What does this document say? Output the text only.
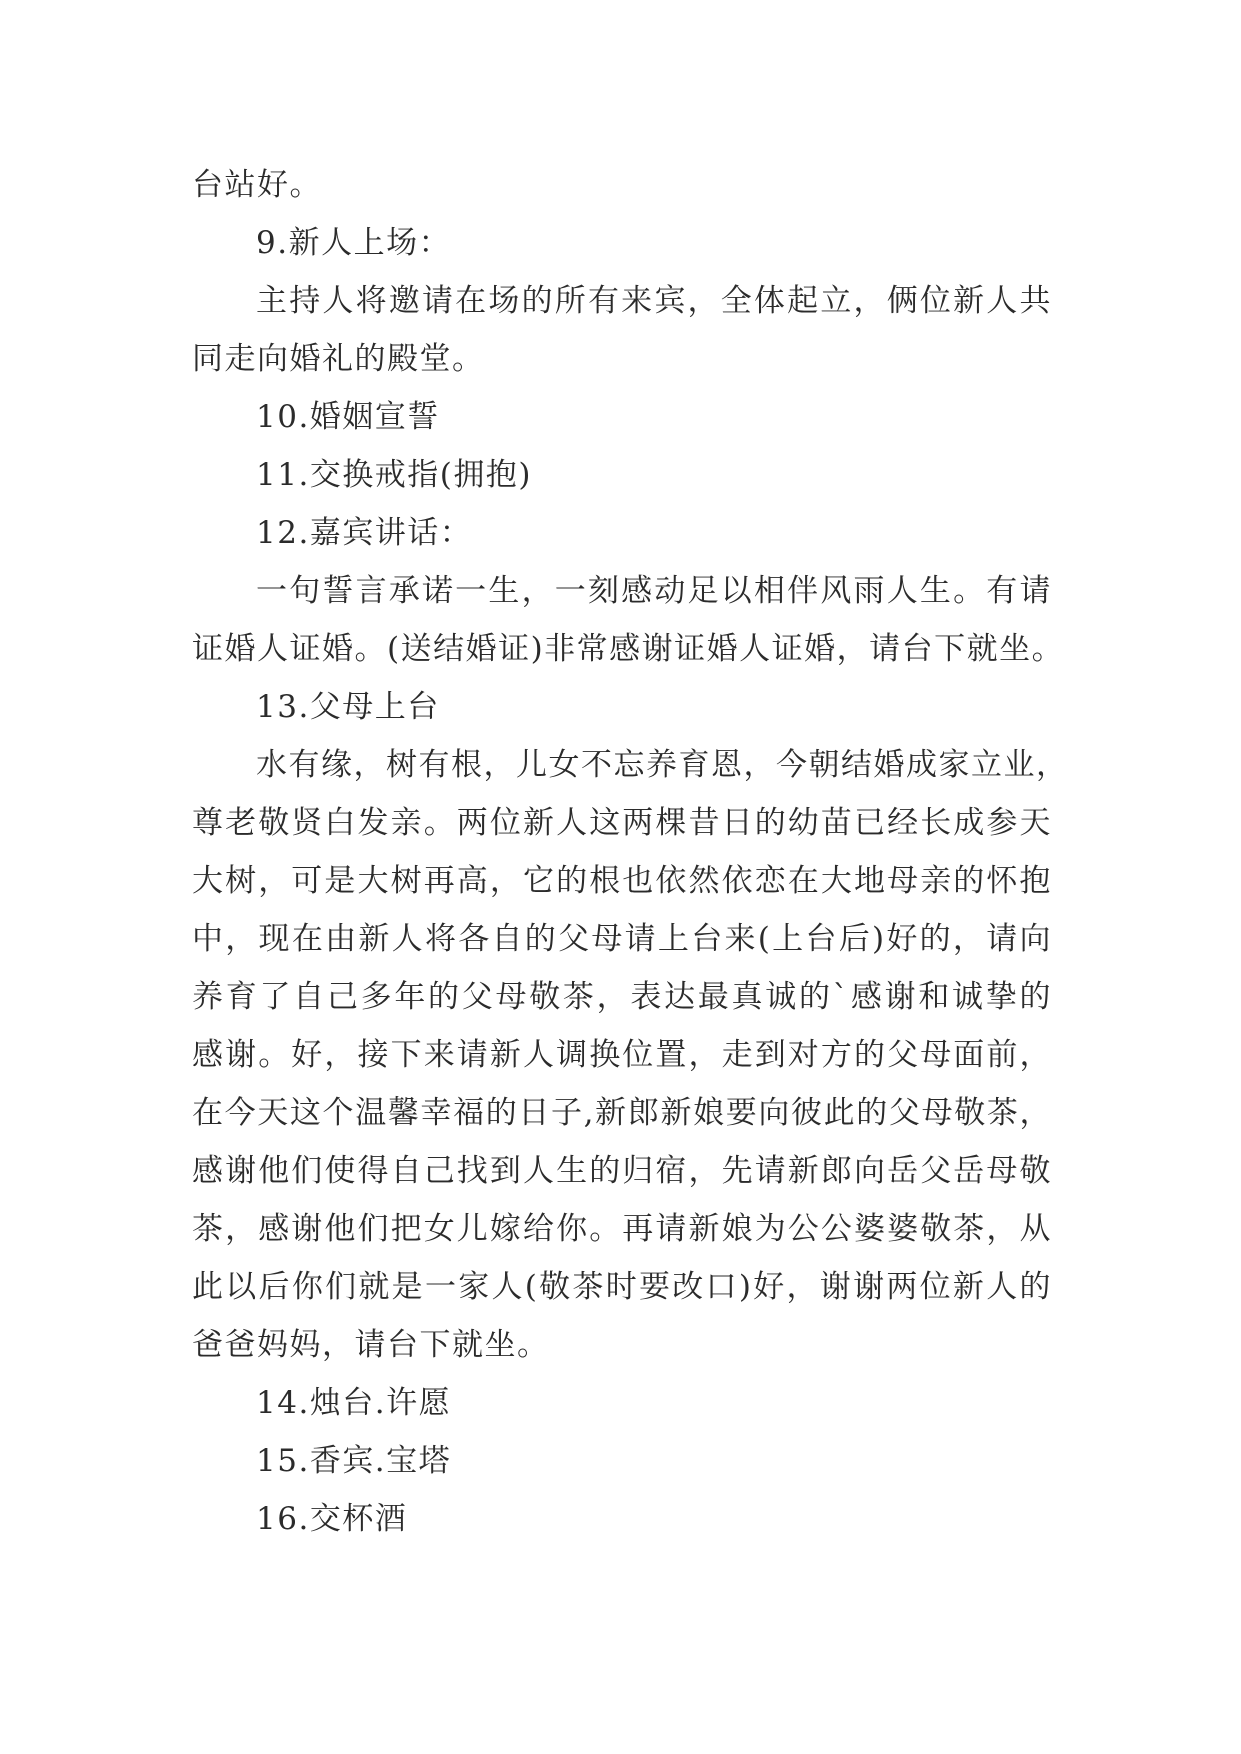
台站好。
9.新人上场：
主持人将邀请在场的所有来宾，全体起立，俩位新人共
同走向婚礼的殿堂。
10.婚姻宣誓
11.交换戒指(拥抱)
12.嘉宾讲话：
一句誓言承诺一生，一刻感动足以相伴风雨人生。有请
证婚人证婚。(送结婚证)非常感谢证婚人证婚，请台下就坐。
13.父母上台
水有缘，树有根，儿女不忘养育恩，今朝结婚成家立业，
尊老敬贤白发亲。两位新人这两棵昔日的幼苗已经长成参天
大树，可是大树再高，它的根也依然依恋在大地母亲的怀抱
中，现在由新人将各自的父母请上台来(上台后)好的，请向
养育了自己多年的父母敬茶，表达最真诚的`感谢和诚挚的
感谢。好，接下来请新人调换位置，走到对方的父母面前，
在今天这个温馨幸福的日子,新郎新娘要向彼此的父母敬茶，
感谢他们使得自己找到人生的归宿，先请新郎向岳父岳母敬
茶，感谢他们把女儿嫁给你。再请新娘为公公婆婆敬茶，从
此以后你们就是一家人(敬茶时要改口)好，谢谢两位新人的
爸爸妈妈，请台下就坐。
14.烛台.许愿
15.香宾.宝塔
16.交杯酒
